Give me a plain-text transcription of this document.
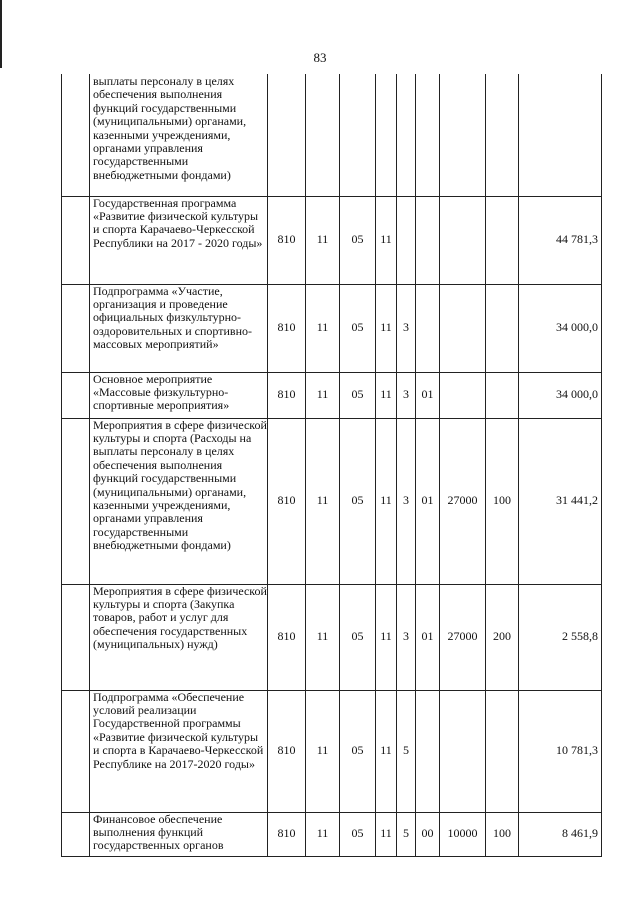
83
	выплаты персоналу в целях обеспечения выполнения функций государственными (муниципальными) органами, казенными учреждениями, органами управления государственными внебюджетными фондами)									
	Государственная программа «Развитие физической культуры и спорта Карачаево-Черкесской Республики на 2017 - 2020 годы»	810	11	05	11					44 781,3
	Подпрограмма «Участие, организация и проведение официальных физкультурно-оздоровительных и спортивно-массовых мероприятий»	810	11	05	11	3				34 000,0
	Основное мероприятие «Массовые физкультурно-спортивные мероприятия»	810	11	05	11	3	01			34 000,0
	Мероприятия в сфере физической культуры и спорта (Расходы на выплаты персоналу в целях обеспечения выполнения функций государственными (муниципальными) органами, казенными учреждениями, органами управления государственными внебюджетными фондами)	810	11	05	11	3	01	27000	100	31 441,2
	Мероприятия в сфере физической культуры и спорта (Закупка товаров, работ и услуг для обеспечения государственных (муниципальных) нужд)	810	11	05	11	3	01	27000	200	2 558,8
	Подпрограмма «Обеспечение условий реализации Государственной программы «Развитие физической культуры и спорта в Карачаево-Черкесской Республике на 2017-2020 годы»	810	11	05	11	5				10 781,3
	Финансовое обеспечение выполнения функций государственных органов	810	11	05	11	5	00	10000	100	8 461,9
